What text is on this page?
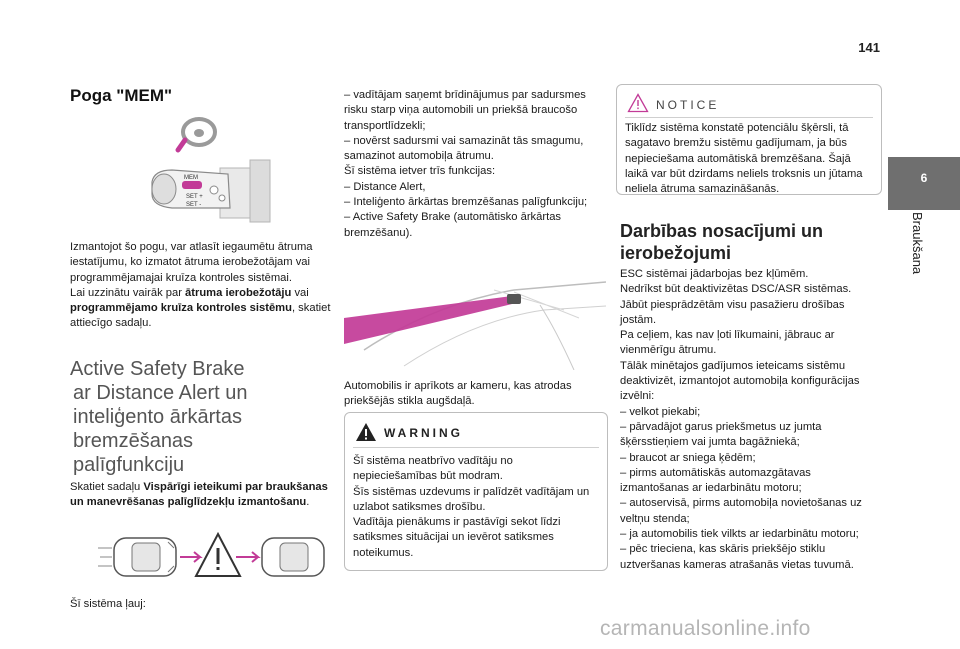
141
6
Braukšana
Poga "MEM"
MEM
SET +
SET -
Izmantojot šo pogu, var atlasīt iegaumētu ātruma iestatījumu, ko izmatot ātruma ierobežotājam vai programmējamajai kruīza kontroles sistēmai.
Lai uzzinātu vairāk par ātruma ierobežotāju vai programmējamo kruīza kontroles sistēmu, skatiet attiecīgo sadaļu.
Active Safety Brake
ar Distance Alert un
inteliģento ārkārtas
bremzēšanas
palīgfunkciju
Skatiet sadaļu Vispārīgi ieteikumi par braukšanas un manevrēšanas palīglīdzekļu izmantošanu.
Šī sistēma ļauj:

– vadītājam saņemt brīdinājumus par sadursmes risku starp viņa automobili un priekšā braucošo transportlīdzekli;

– novērst sadursmi vai samazināt tās smagumu, samazinot automobiļa ātrumu.

Šī sistēma ietver trīs funkcijas:

– Distance Alert,

– Inteliģento ārkārtas bremzēšanas palīgfunkciju;

– Active Safety Brake (automātisko ārkārtas bremzēšanu).

Automobilis ir aprīkots ar kameru, kas atrodas priekšējās stikla augšdaļā.
WARNING
Šī sistēma neatbrīvo vadītāju no nepieciešamības būt modram.
Šīs sistēmas uzdevums ir palīdzēt vadītājam un uzlabot satiksmes drošību.
Vadītāja pienākums ir pastāvīgi sekot līdzi satiksmes situācijai un ievērot satiksmes noteikumus.
NOTICE
Tiklīdz sistēma konstatē potenciālu šķērsli, tā sagatavo bremžu sistēmu gadījumam, ja būs nepieciešama automātiskā bremzēšana. Šajā laikā var būt dzirdams neliels troksnis un jūtama neliela ātruma samazināšanās.
Darbības nosacījumi un
ierobežojumi

ESC sistēmai jādarbojas bez kļūmēm.

Nedrīkst būt deaktivizētas DSC/ASR sistēmas.

Jābūt piesprādzētām visu pasažieru drošības jostām.

Pa ceļiem, kas nav ļoti līkumaini, jābrauc ar vienmērīgu ātrumu.

Tālāk minētajos gadījumos ieteicams sistēmu deaktivizēt, izmantojot automobiļa konfigurācijas izvēlni:

– velkot piekabi;

– pārvadājot garus priekšmetus uz jumta šķērsstieņiem vai jumta bagāžniekā;

– braucot ar sniega ķēdēm;

– pirms automātiskās automazgātavas izmantošanas ar iedarbinātu motoru;

– autoservisā, pirms automobiļa novietošanas uz veltņu stenda;

– ja automobilis tiek vilkts ar iedarbinātu motoru;

– pēc trieciena, kas skāris priekšējo stiklu uztveršanas kameras atrašanās vietas tuvumā.

carmanualsonline.info
